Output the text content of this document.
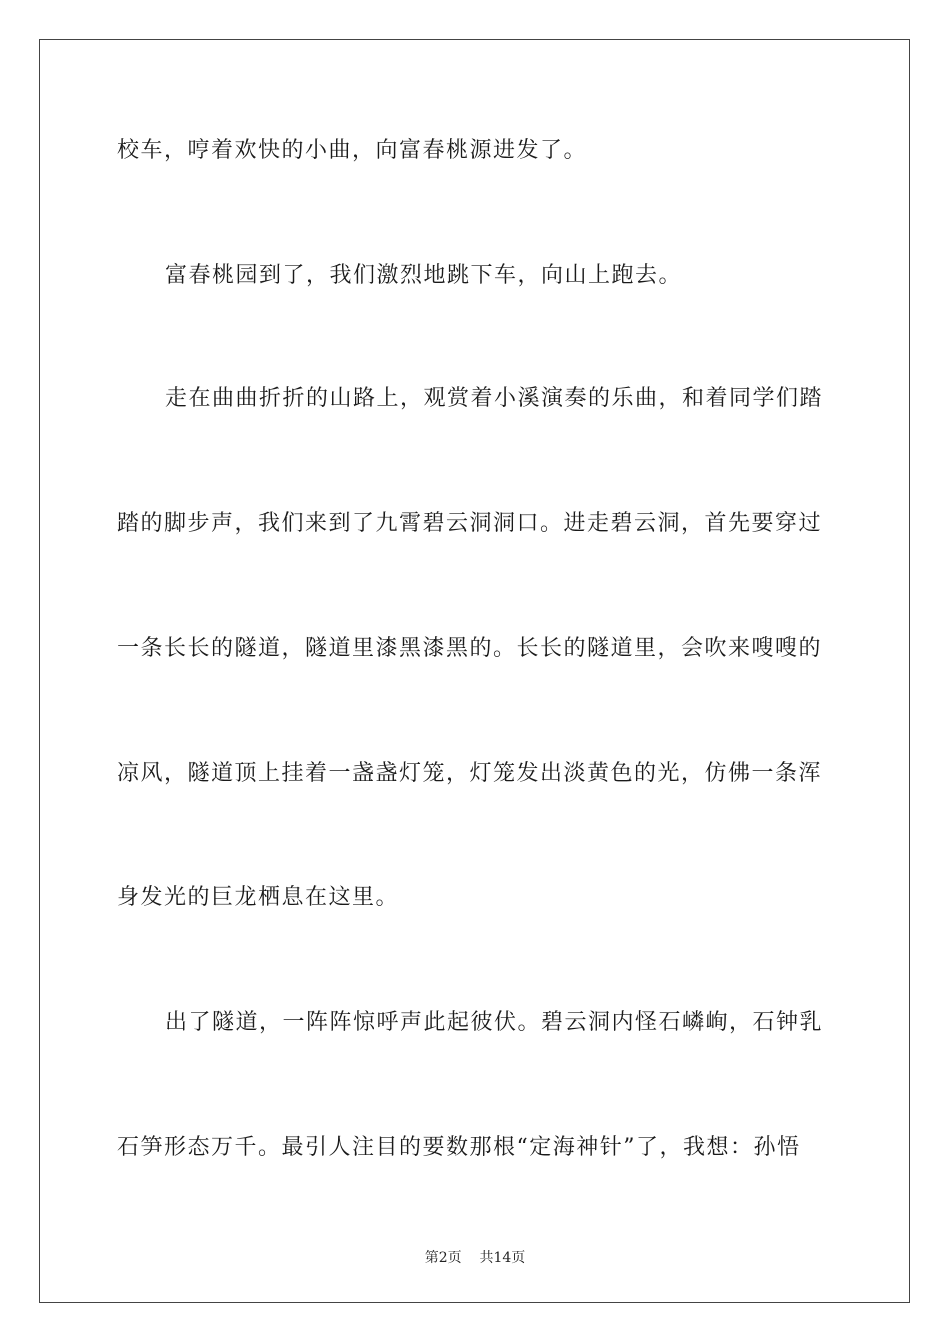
校车，哼着欢快的小曲，向富春桃源进发了。
富春桃园到了，我们激烈地跳下车，向山上跑去。
走在曲曲折折的山路上，观赏着小溪演奏的乐曲，和着同学们踏
踏的脚步声，我们来到了九霄碧云洞洞口。进走碧云洞，首先要穿过
一条长长的隧道，隧道里漆黑漆黑的。长长的隧道里，会吹来嗖嗖的
凉风，隧道顶上挂着一盏盏灯笼，灯笼发出淡黄色的光，仿佛一条浑
身发光的巨龙栖息在这里。
出了隧道，一阵阵惊呼声此起彼伏。碧云洞内怪石嶙峋，石钟乳
石笋形态万千。最引人注目的要数那根“定海神针”了，我想：孙悟
第2页    共14页
